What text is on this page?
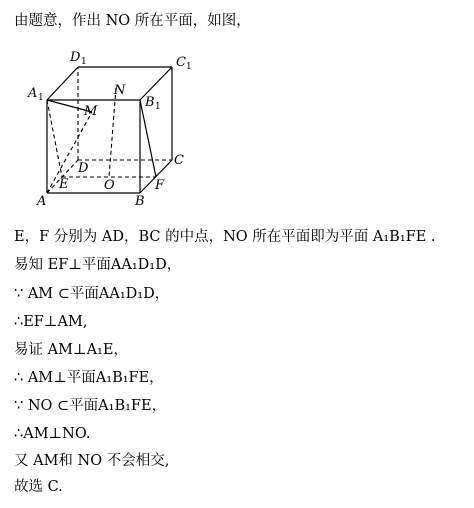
D 1	C 1
A 1	N
B 1
M
D
C
E	O	F
A	B
由题意，作出 NO 所在平面，如图，
E，F 分别为 AD，BC 的中点，NO 所在平面即为平面 A₁B₁FE .
易知 EF⊥平面AA₁D₁D，
∵ AM ⊂平面AA₁D₁D，
∴EF⊥AM,
易证 AM⊥A₁E，
∴ AM⊥平面A₁B₁FE，
∵ NO ⊂平面A₁B₁FE，
∴AM⊥NO.
又 AM和 NO 不会相交,
故选 C.
